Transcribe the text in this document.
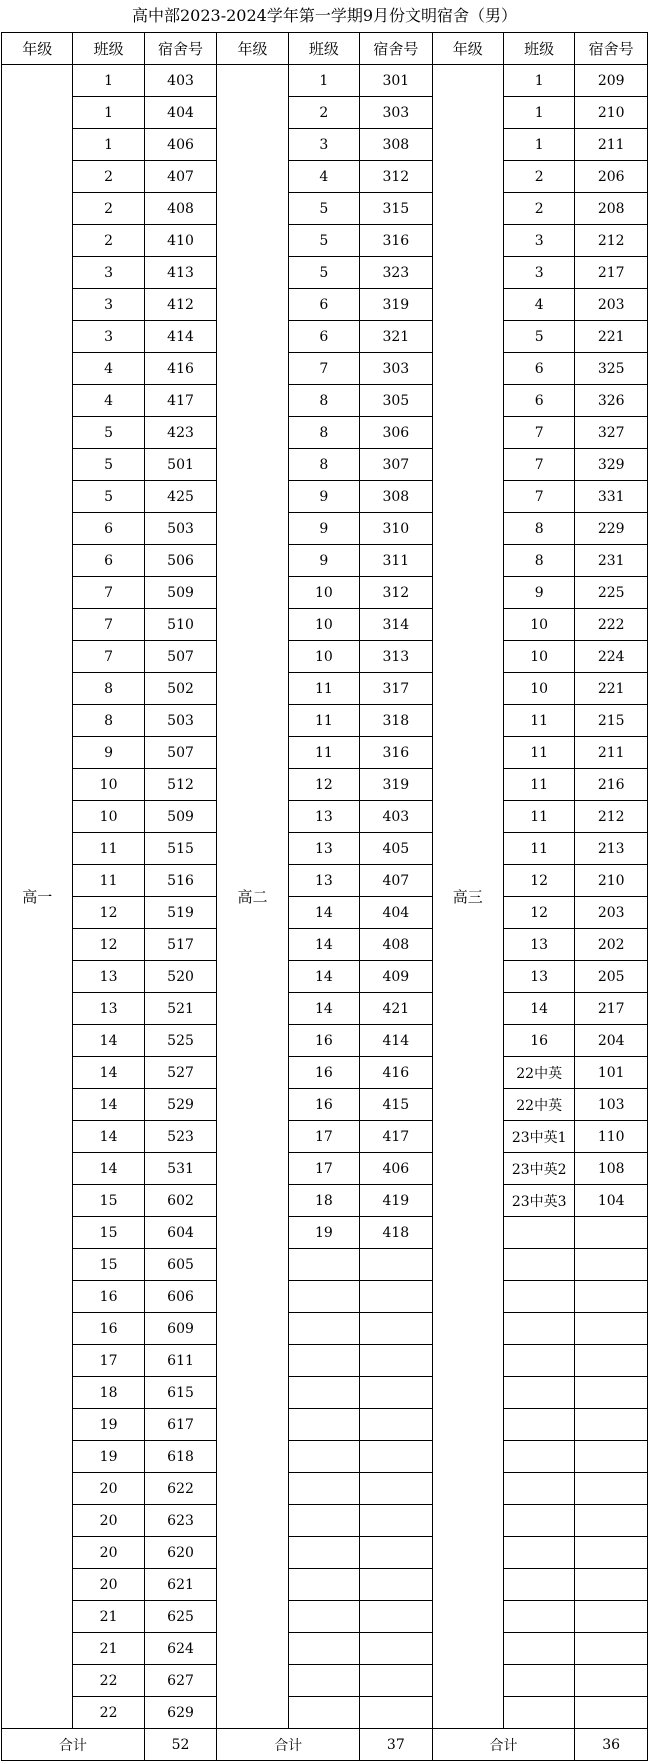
高中部2023-2024学年第一学期9月份文明宿舍（男）
年级	班级	宿舍号	年级	班级	宿舍号	年级	班级	宿舍号
高一	1	403	高二	1	301	高三	1	209
	1	404		2	303		1	210
	1	406		3	308		1	211
	2	407		4	312		2	206
	2	408		5	315		2	208
	2	410		5	316		3	212
	3	413		5	323		3	217
	3	412		6	319		4	203
	3	414		6	321		5	221
	4	416		7	303		6	325
	4	417		8	305		6	326
	5	423		8	306		7	327
	5	501		8	307		7	329
	5	425		9	308		7	331
	6	503		9	310		8	229
	6	506		9	311		8	231
	7	509		10	312		9	225
	7	510		10	314		10	222
	7	507		10	313		10	224
	8	502		11	317		10	221
	8	503		11	318		11	215
	9	507		11	316		11	211
	10	512		12	319		11	216
	10	509		13	403		11	212
	11	515		13	405		11	213
	11	516		13	407		12	210
	12	519		14	404		12	203
	12	517		14	408		13	202
	13	520		14	409		13	205
	13	521		14	421		14	217
	14	525		16	414		16	204
	14	527		16	416		22中英	101
	14	529		16	415		22中英	103
	14	523		17	417		23中英1	110
	14	531		17	406		23中英2	108
	15	602		18	419		23中英3	104
	15	604		19	418			
	15	605						
	16	606						
	16	609						
	17	611						
	18	615						
	19	617						
	19	618						
	20	622						
	20	623						
	20	620						
	20	621						
	21	625						
	21	624						
	22	627						
	22	629						
合计		52	合计		37	合计		36
